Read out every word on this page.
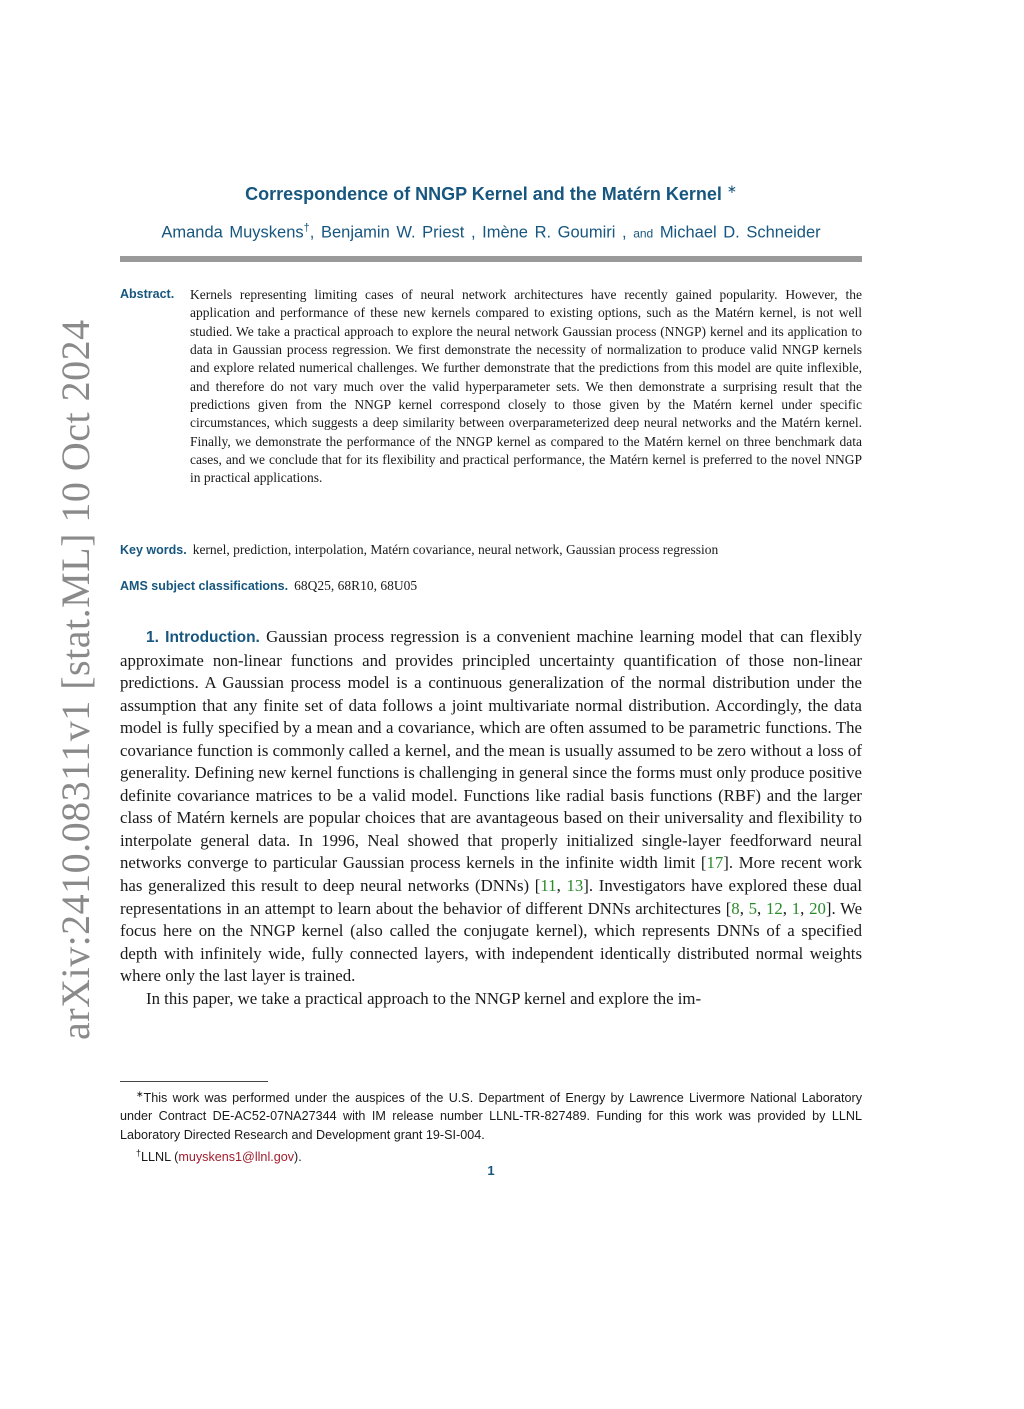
arXiv:2410.08311v1 [stat.ML] 10 Oct 2024
Correspondence of NNGP Kernel and the Matérn Kernel ∗
Amanda Muyskens†, Benjamin W. Priest , Imène R. Goumiri , and Michael D. Schneider
Abstract.	Kernels representing limiting cases of neural network architectures have recently gained popularity. However, the application and performance of these new kernels compared to existing options, such as the Matérn kernel, is not well studied. We take a practical approach to explore the neural network Gaussian process (NNGP) kernel and its application to data in Gaussian process regression. We first demonstrate the necessity of normalization to produce valid NNGP kernels and explore related numerical challenges. We further demonstrate that the predictions from this model are quite inflexible, and therefore do not vary much over the valid hyperparameter sets. We then demonstrate a surprising result that the predictions given from the NNGP kernel correspond closely to those given by the Matérn kernel under specific circumstances, which suggests a deep similarity between overparameterized deep neural networks and the Matérn kernel. Finally, we demonstrate the performance of the NNGP kernel as compared to the Matérn kernel on three benchmark data cases, and we conclude that for its flexibility and practical performance, the Matérn kernel is preferred to the novel NNGP in practical applications.
Key words. kernel, prediction, interpolation, Matérn covariance, neural network, Gaussian process regression
AMS subject classifications. 68Q25, 68R10, 68U05

1. Introduction. Gaussian process regression is a convenient machine learning model that can flexibly approximate non-linear functions and provides principled uncertainty quantification of those non-linear predictions. A Gaussian process model is a continuous generalization of the normal distribution under the assumption that any finite set of data follows a joint multivariate normal distribution. Accordingly, the data model is fully specified by a mean and a covariance, which are often assumed to be parametric functions. The covariance function is commonly called a kernel, and the mean is usually assumed to be zero without a loss of generality. Defining new kernel functions is challenging in general since the forms must only produce positive definite covariance matrices to be a valid model. Functions like radial basis functions (RBF) and the larger class of Matérn kernels are popular choices that are avantageous based on their universality and flexibility to interpolate general data. In 1996, Neal showed that properly initialized single-layer feedforward neural networks converge to particular Gaussian process kernels in the infinite width limit [17]. More recent work has generalized this result to deep neural networks (DNNs) [11, 13]. Investigators have explored these dual representations in an attempt to learn about the behavior of different DNNs architectures [8, 5, 12, 1, 20]. We focus here on the NNGP kernel (also called the conjugate kernel), which represents DNNs of a specified depth with infinitely wide, fully connected layers, with independent identically distributed normal weights where only the last layer is trained.

In this paper, we take a practical approach to the NNGP kernel and explore the im-

∗This work was performed under the auspices of the U.S. Department of Energy by Lawrence Livermore National Laboratory under Contract DE-AC52-07NA27344 with IM release number LLNL-TR-827489. Funding for this work was provided by LLNL Laboratory Directed Research and Development grant 19-SI-004.

†LLNL (muyskens1@llnl.gov).

1
